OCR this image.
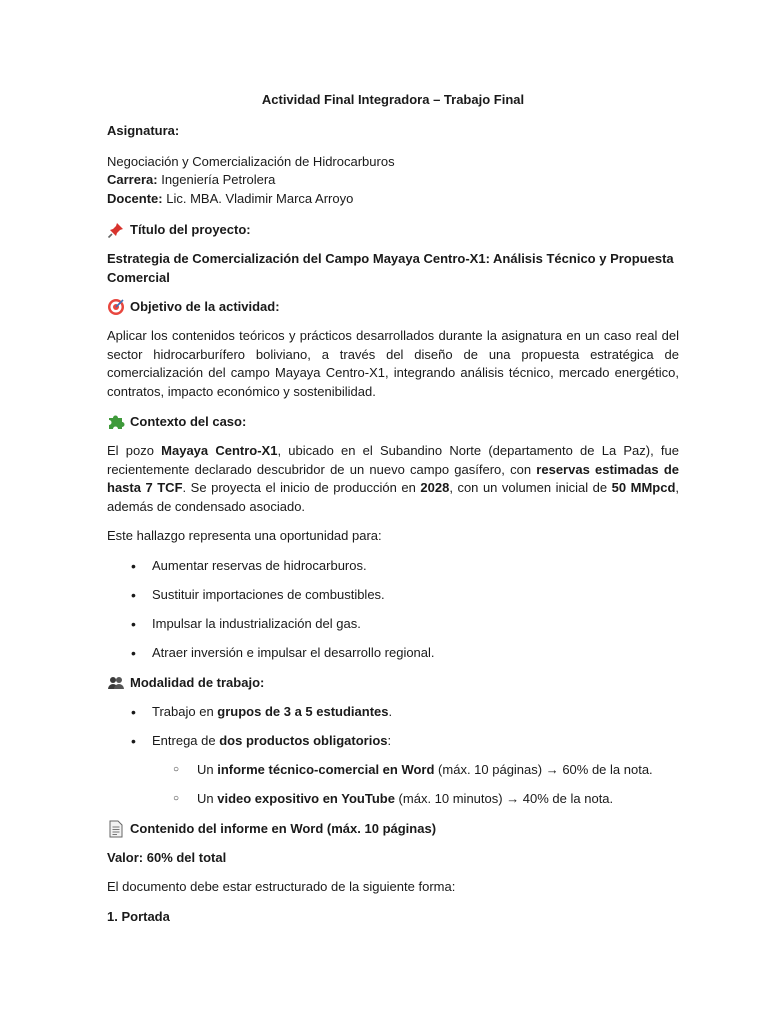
Actividad Final Integradora – Trabajo Final

Asignatura:

Negociación y Comercialización de Hidrocarburos

Carrera: Ingeniería Petrolera

Docente: Lic. MBA. Vladimir Marca Arroyo

Título del proyecto:

Estrategia de Comercialización del Campo Mayaya Centro-X1: Análisis Técnico y Propuesta Comercial

Objetivo de la actividad:

Aplicar los contenidos teóricos y prácticos desarrollados durante la asignatura en un caso real del sector hidrocarburífero boliviano, a través del diseño de una propuesta estratégica de comercialización del campo Mayaya Centro-X1, integrando análisis técnico, mercado energético, contratos, impacto económico y sostenibilidad.

Contexto del caso:

El pozo Mayaya Centro-X1, ubicado en el Subandino Norte (departamento de La Paz), fue recientemente declarado descubridor de un nuevo campo gasífero, con reservas estimadas de hasta 7 TCF. Se proyecta el inicio de producción en 2028, con un volumen inicial de 50 MMpcd, además de condensado asociado.

Este hallazgo representa una oportunidad para:

• Aumentar reservas de hidrocarburos.
• Sustituir importaciones de combustibles.
• Impulsar la industrialización del gas.
• Atraer inversión e impulsar el desarrollo regional.
Modalidad de trabajo:
• Trabajo en grupos de 3 a 5 estudiantes.
• Entrega de dos productos obligatorios:
○ Un informe técnico-comercial en Word (máx. 10 páginas) → 60% de la nota.
○ Un video expositivo en YouTube (máx. 10 minutos) → 40% de la nota.
Contenido del informe en Word (máx. 10 páginas)

Valor: 60% del total

El documento debe estar estructurado de la siguiente forma:

1. Portada
